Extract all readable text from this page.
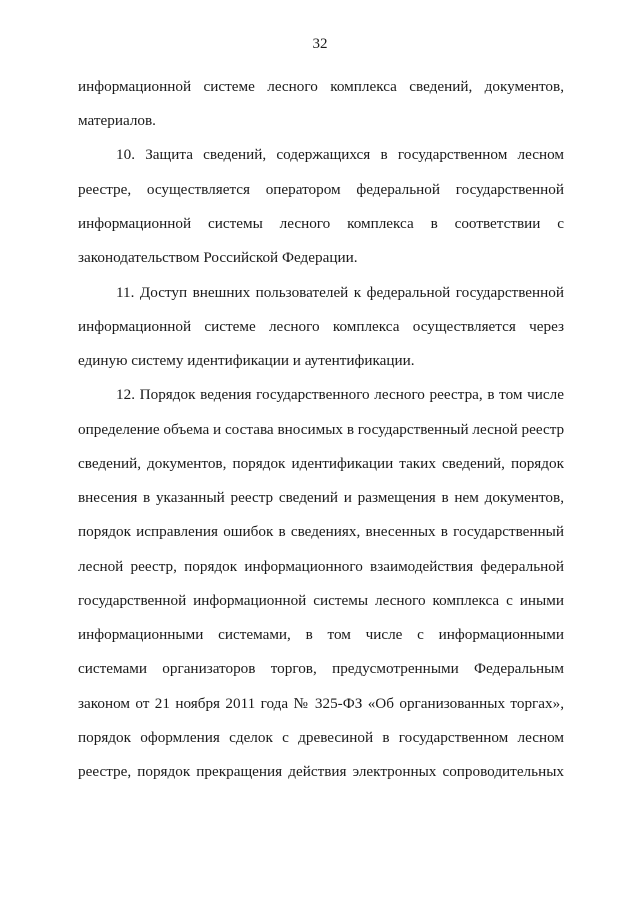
32
информационной системе лесного комплекса сведений, документов,
материалов.
10. Защита сведений, содержащихся в государственном лесном
реестре, осуществляется оператором федеральной государственной
информационной системы лесного комплекса в соответствии с
законодательством Российской Федерации.
11. Доступ внешних пользователей к федеральной государственной
информационной системе лесного комплекса осуществляется через
единую систему идентификации и аутентификации.
12. Порядок ведения государственного лесного реестра, в том числе
определение объема и состава вносимых в государственный лесной реестр
сведений, документов, порядок идентификации таких сведений, порядок
внесения в указанный реестр сведений и размещения в нем документов,
порядок исправления ошибок в сведениях, внесенных в государственный
лесной реестр, порядок информационного взаимодействия федеральной
государственной информационной системы лесного комплекса с иными
информационными системами, в том числе с информационными
системами организаторов торгов, предусмотренными Федеральным
законом от 21 ноября 2011 года № 325-ФЗ «Об организованных торгах»,
порядок оформления сделок с древесиной в государственном лесном
реестре, порядок прекращения действия электронных сопроводительных
